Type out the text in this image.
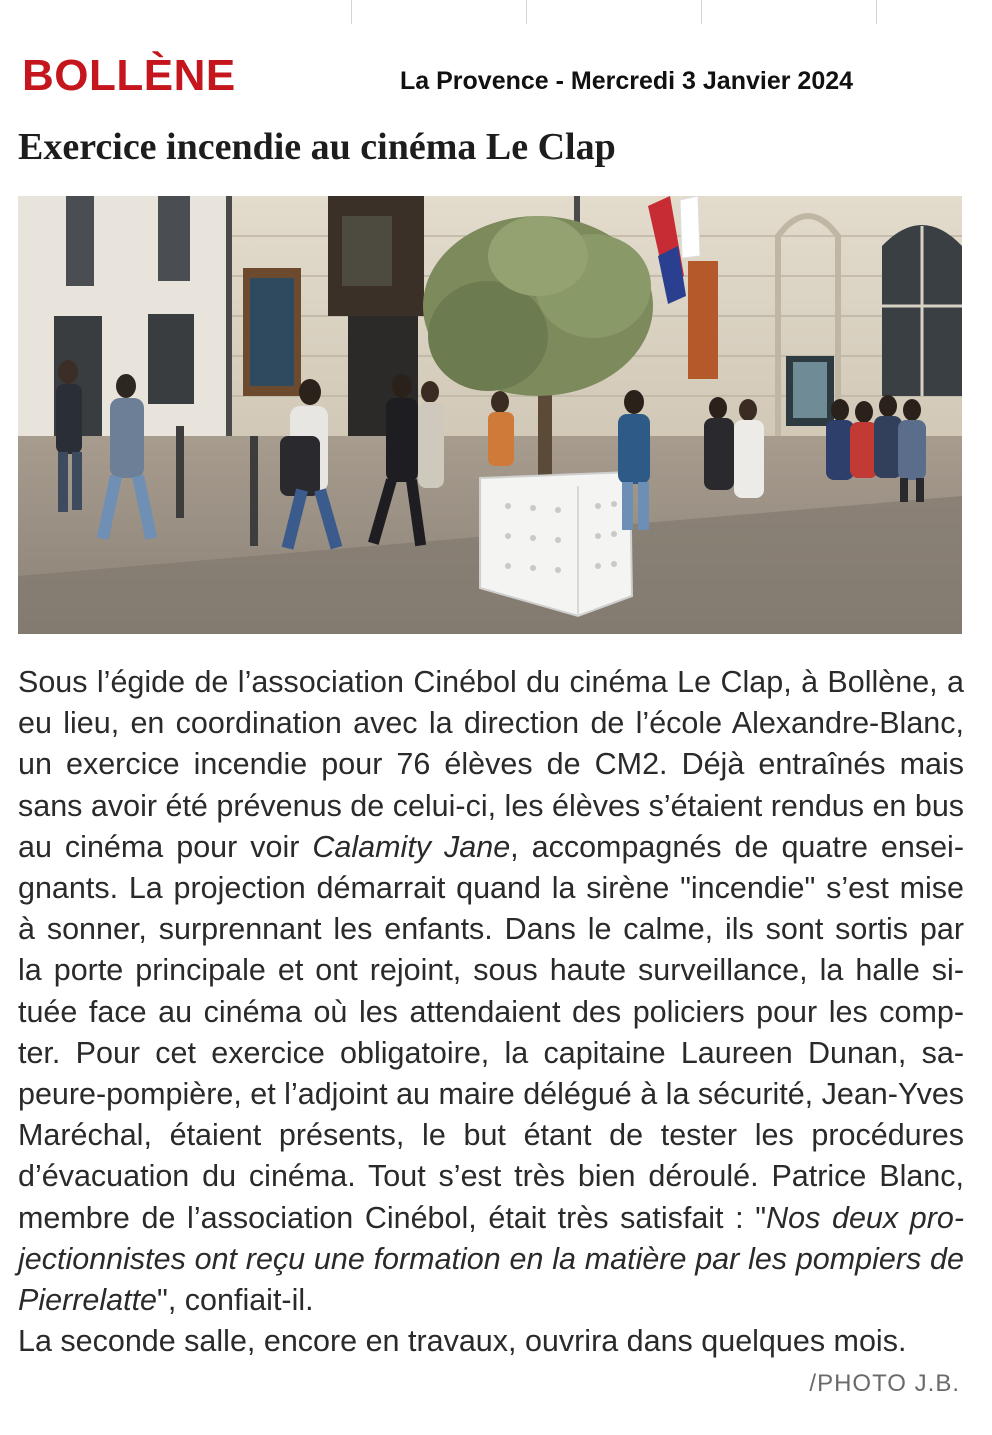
BOLLÈNE	La Provence - Mercredi 3 Janvier 2024
Exercice incendie au cinéma Le Clap
Sous l’égide de l’association Cinébol du cinéma Le Clap, à Bollène, a
eu lieu, en coordination avec la direction de l’école Alexandre-Blanc,
un exercice incendie pour 76 élèves de CM2. Déjà entraînés mais
sans avoir été prévenus de celui-ci, les élèves s’étaient rendus en bus
au cinéma pour voir Calamity Jane, accompagnés de quatre ensei-
gnants. La projection démarrait quand la sirène "incendie" s’est mise
à sonner, surprennant les enfants. Dans le calme, ils sont sortis par
la porte principale et ont rejoint, sous haute surveillance, la halle si-
tuée face au cinéma où les attendaient des policiers pour les comp-
ter. Pour cet exercice obligatoire, la capitaine Laureen Dunan, sa-
peure-pompière, et l’adjoint au maire délégué à la sécurité, Jean-Yves
Maréchal, étaient présents, le but étant de tester les procédures
d’évacuation du cinéma. Tout s’est très bien déroulé. Patrice Blanc,
membre de l’association Cinébol, était très satisfait : "Nos deux pro-
jectionnistes ont reçu une formation en la matière par les pompiers de
Pierrelatte", confiait-il.
La seconde salle, encore en travaux, ouvrira dans quelques mois.
/PHOTO J.B.
